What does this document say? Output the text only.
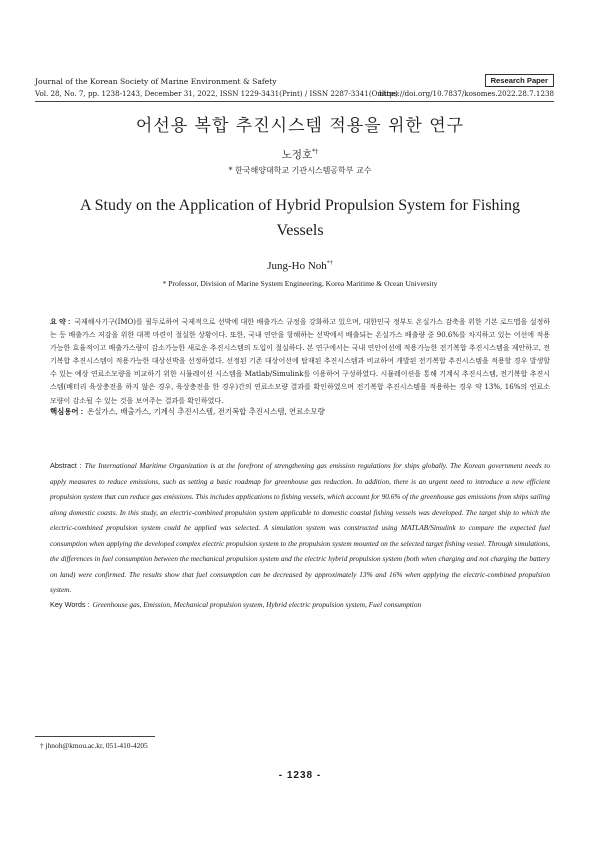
Journal of the Korean Society of Marine Environment & Safety	Research Paper
Vol. 28, No. 7, pp. 1238-1243, December 31, 2022, ISSN 1229-3431(Print) / ISSN 2287-3341(Online)
https://doi.org/10.7837/kosomes.2022.28.7.1238
어선용 복합 추진시스템 적용을 위한 연구
노정호*†
* 한국해양대학교 기관시스템공학부 교수
A Study on the Application of Hybrid Propulsion System for Fishing Vessels
Jung-Ho Noh*†
* Professor, Division of Marine System Engineering, Korea Maritime & Ocean University
요 약 : 국제해사기구(IMO)를 필두로하여 국제적으로 선박에 대한 배출가스 규정을 강화하고 있으며, 대한민국 정부도 온실가스 감축을 위한 기본 로드맵을 설정하는 등 배출가스 저감을 위한 대책 마련이 절실한 상황이다. 또한, 국내 연안을 항해하는 선박에서 배출되는 온실가스 배출량 중 90.6%를 차지하고 있는 어선에 적용가능한 효율적이고 배출가스량이 감소가능한 새로운 추진시스템의 도입이 절실하다. 본 연구에서는 국내 연안어선에 적용가능한 전기복합 추진시스템을 제안하고, 전기복합 추진시스템이 적용가능한 대상선박을 선정하였다. 선정된 기존 대상어선에 탑재된 추진시스템과 비교하여 개발된 전기복합 추진시스템을 적용할 경우 발생할 수 있는 예상 연료소모량을 비교하기 위한 시뮬레이션 시스템을 Matlab/Simulink를 이용하여 구성하였다. 시뮬레이션을 통해 기계식 추진시스템, 전기복합 추진시스템(배터리 육상충전을 하지 않은 경우, 육상충전을 한 경우)간의 연료소모량 결과를 확인하였으며 전기복합 추진시스템을 적용하는 경우 약 13%, 16%의 연료소모량이 감소될 수 있는 것을 보여주는 결과를 확인하였다.
핵심용어 : 온실가스, 배출가스, 기계식 추진시스템, 전기복합 추진시스템, 연료소모량
Abstract : The International Maritime Organization is at the forefront of strengthening gas emission regulations for ships globally. The Korean government needs to apply measures to reduce emissions, such as setting a basic roadmap for greenhouse gas reduction. In addition, there is an urgent need to introduce a new efficient propulsion system that can reduce gas emissions. This includes applications to fishing vessels, which account for 90.6% of the greenhouse gas emissions from ships sailing along domestic coasts. In this study, an electric-combined propulsion system applicable to domestic coastal fishing vessels was developed. The target ship to which the electric-combined propulsion system could be applied was selected. A simulation system was constructed using MATLAB/Simulink to compare the expected fuel consumption when applying the developed complex electric propulsion system to the propulsion system mounted on the selected target fishing vessel. Through simulations, the differences in fuel consumption between the mechanical propulsion system and the electric hybrid propulsion system (both when charging and not charging the battery on land) were confirmed. The results show that fuel consumption can be decreased by approximately 13% and 16% when applying the electric-combined propulsion system.
Key Words : Greenhouse gas, Emission, Mechanical propulsion system, Hybrid electric propulsion system, Fuel consumption
† jhnoh@kmou.ac.kr, 051-410-4205
- 1238 -
